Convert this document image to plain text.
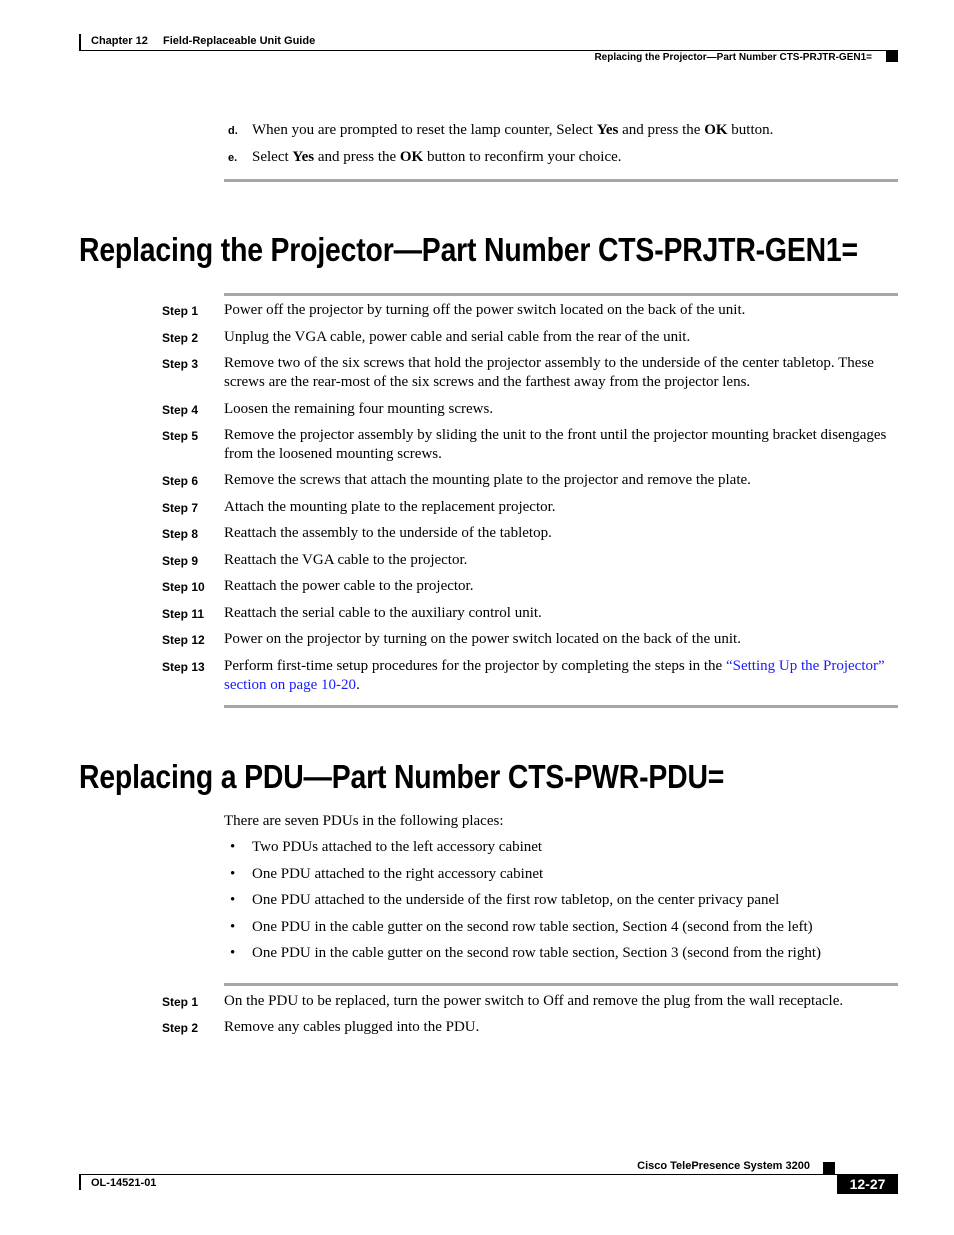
Chapter 12 Field-Replaceable Unit Guide
Replacing the Projector—Part Number CTS-PRJTR-GEN1=
d. When you are prompted to reset the lamp counter, Select Yes and press the OK button.
e. Select Yes and press the OK button to reconfirm your choice.
Replacing the Projector—Part Number CTS-PRJTR-GEN1=
Step 1 Power off the projector by turning off the power switch located on the back of the unit.
Step 2 Unplug the VGA cable, power cable and serial cable from the rear of the unit.
Step 3 Remove two of the six screws that hold the projector assembly to the underside of the center tabletop. These screws are the rear-most of the six screws and the farthest away from the projector lens.
Step 4 Loosen the remaining four mounting screws.
Step 5 Remove the projector assembly by sliding the unit to the front until the projector mounting bracket disengages from the loosened mounting screws.
Step 6 Remove the screws that attach the mounting plate to the projector and remove the plate.
Step 7 Attach the mounting plate to the replacement projector.
Step 8 Reattach the assembly to the underside of the tabletop.
Step 9 Reattach the VGA cable to the projector.
Step 10 Reattach the power cable to the projector.
Step 11 Reattach the serial cable to the auxiliary control unit.
Step 12 Power on the projector by turning on the power switch located on the back of the unit.
Step 13 Perform first-time setup procedures for the projector by completing the steps in the “Setting Up the Projector” section on page 10-20.
Replacing a PDU—Part Number CTS-PWR-PDU=
There are seven PDUs in the following places:
• Two PDUs attached to the left accessory cabinet
• One PDU attached to the right accessory cabinet
• One PDU attached to the underside of the first row tabletop, on the center privacy panel
• One PDU in the cable gutter on the second row table section, Section 4 (second from the left)
• One PDU in the cable gutter on the second row table section, Section 3 (second from the right)
Step 1 On the PDU to be replaced, turn the power switch to Off and remove the plug from the wall receptacle.
Step 2 Remove any cables plugged into the PDU.
Cisco TelePresence System 3200
OL-14521-01	12-27
